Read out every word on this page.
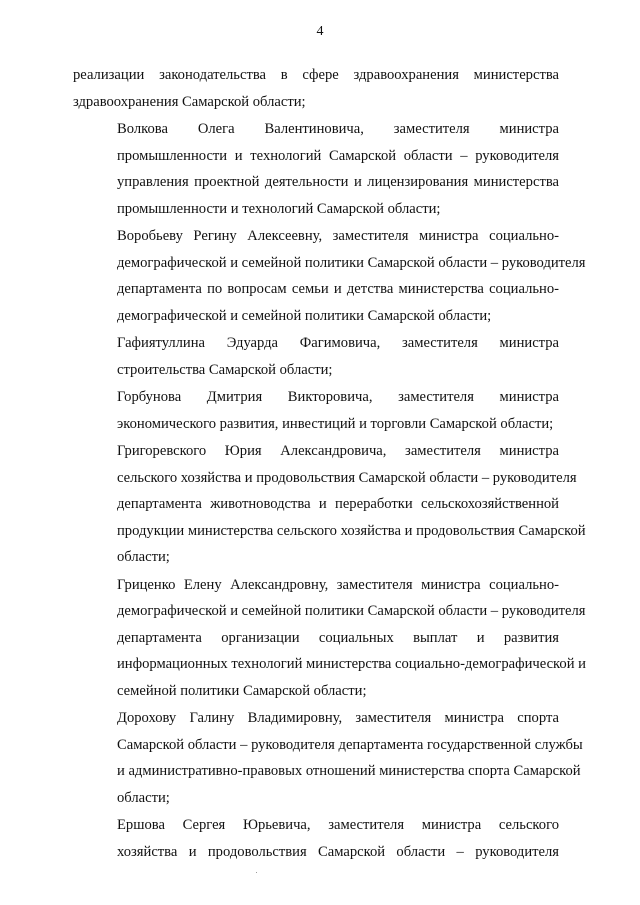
4
реализации законодательства в сфере здравоохранения министерства
здравоохранения Самарской области;
Волкова Олега Валентиновича, заместителя министра
промышленности и технологий Самарской области – руководителя
управления проектной деятельности и лицензирования министерства
промышленности и технологий Самарской области;
Воробьеву Регину Алексеевну, заместителя министра социально-
демографической и семейной политики Самарской области – руководителя
департамента по вопросам семьи и детства министерства социально-
демографической и семейной политики Самарской области;
Гафиятуллина Эдуарда Фагимовича, заместителя министра
строительства Самарской области;
Горбунова Дмитрия Викторовича, заместителя министра
экономического развития, инвестиций и торговли Самарской области;
Григоревского Юрия Александровича, заместителя министра
сельского хозяйства и продовольствия Самарской области – руководителя
департамента животноводства и переработки сельскохозяйственной
продукции министерства сельского хозяйства и продовольствия Самарской
области;
Гриценко Елену Александровну, заместителя министра социально-
демографической и семейной политики Самарской области – руководителя
департамента организации социальных выплат и развития
информационных технологий министерства социально-демографической и
семейной политики Самарской области;
Дорохову Галину Владимировну, заместителя министра спорта
Самарской области – руководителя департамента государственной службы
и административно-правовых отношений министерства спорта Самарской
области;
Ершова Сергея Юрьевича, заместителя министра сельского
хозяйства и продовольствия Самарской области – руководителя
